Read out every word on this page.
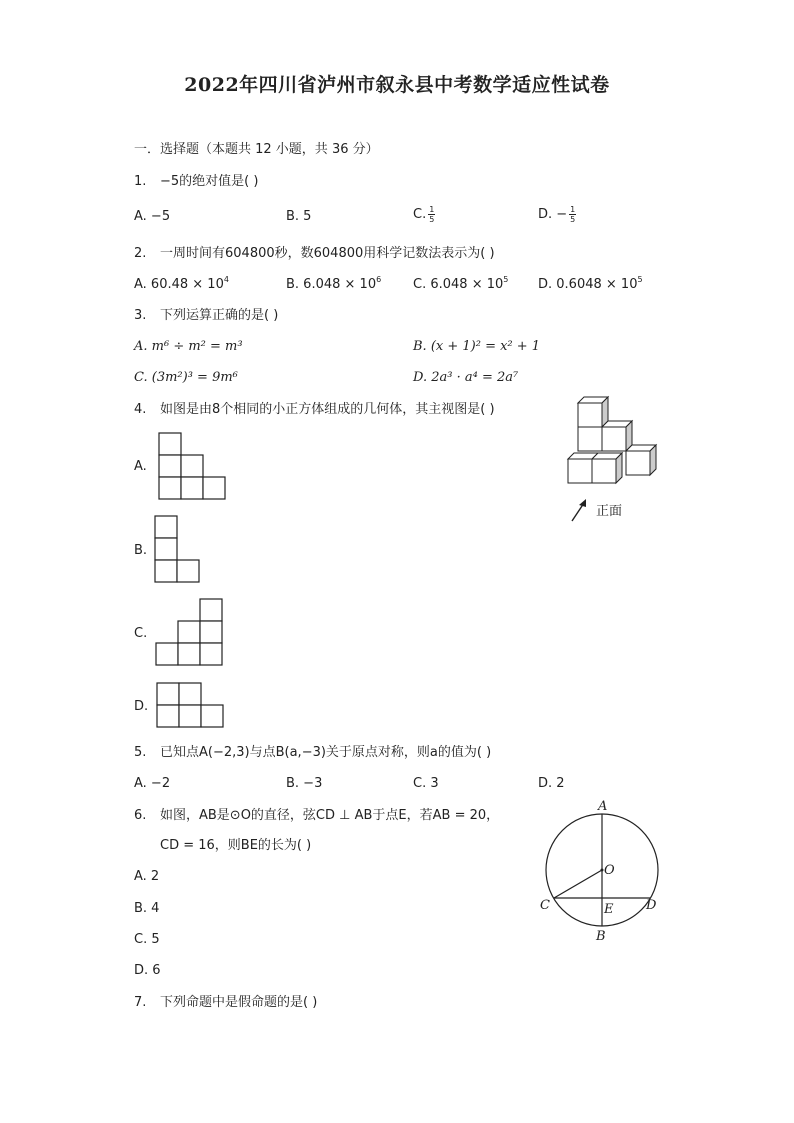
2022年四川省泸州市叙永县中考数学适应性试卷
一．选择题（本题共 12 小题，共 36 分）
1. −5的绝对值是( )
A. −5	B. 5	C. $\frac{1}{5}$	D. − $\frac{1}{5}$
2. 一周时间有604800秒，数604800用科学记数法表示为( )
A. $60.48 \times 10^4$	B. $6.048 \times 10^6$ C. $6.048 \times 10^5$ D. $0.6048 \times 10^5$
3. 下列运算正确的是( )
A. m⁶ ÷ m² = m³	B. (x + 1)² = x² + 1
C. (3m²)³ = 9m⁶	D. 2a³ · a⁴ = 2a⁷
4. 如图是由8个相同的小正方体组成的几何体，其主视图是( )
正面
A.
B.
C.
D.
5. 已知点A(−2,3)与点B(a,−3)关于原点对称，则a的值为( )
A. −2	B. −3	C. 3	D. 2
6. 如图，AB是⊙O的直径，弦CD ⊥ AB于点E，若AB = 20，
CD = 16，则BE的长为( )
A. 2
B. 4
C. 5
D. 6
A
O
C	E	D
B
7. 下列命题中是假命题的是( )
